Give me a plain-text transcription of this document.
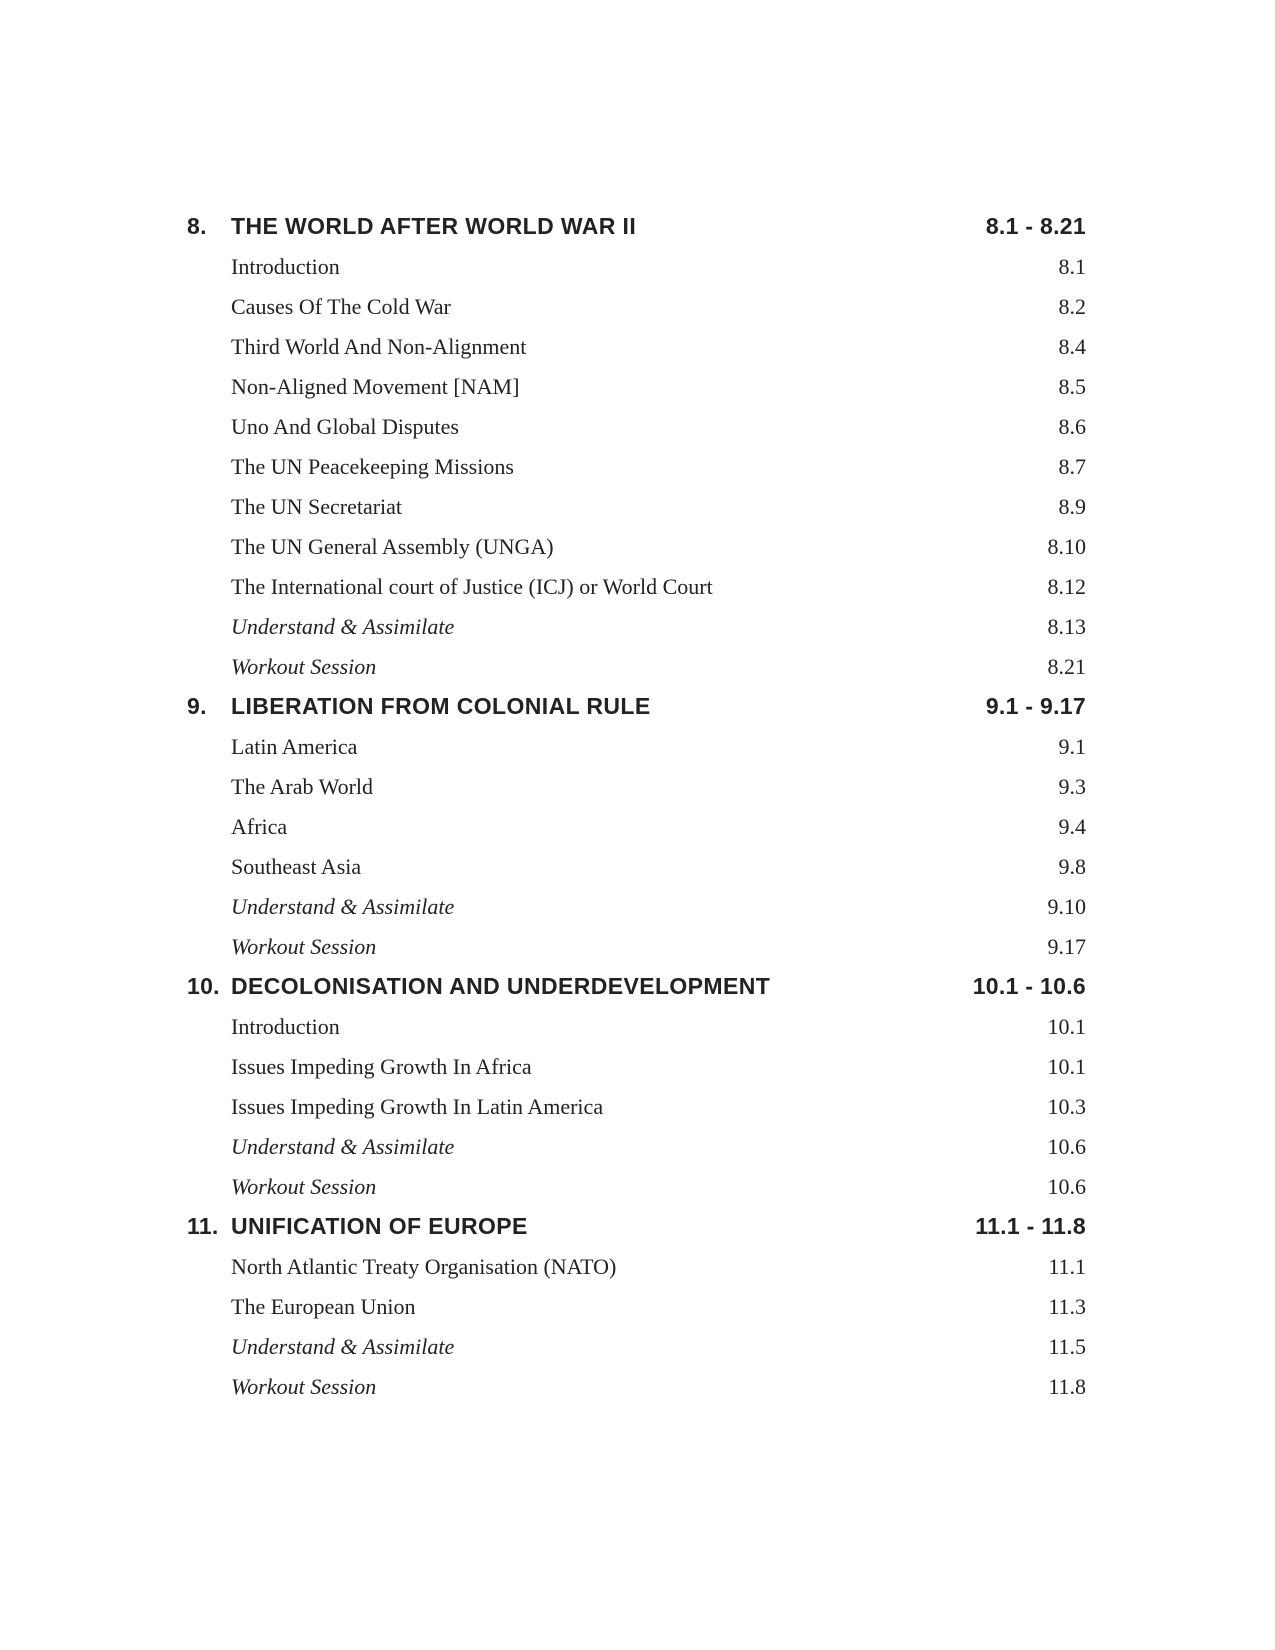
8. THE WORLD AFTER WORLD WAR II	8.1 - 8.21
Introduction	8.1
Causes Of The Cold War	8.2
Third World And Non-Alignment	8.4
Non-Aligned Movement [NAM]	8.5
Uno And Global Disputes	8.6
The UN Peacekeeping Missions	8.7
The UN Secretariat	8.9
The UN General Assembly (UNGA)	8.10
The International court of Justice (ICJ) or World Court	8.12
Understand & Assimilate	8.13
Workout Session	8.21
9. LIBERATION FROM COLONIAL RULE	9.1 - 9.17
Latin America	9.1
The Arab World	9.3
Africa	9.4
Southeast Asia	9.8
Understand & Assimilate	9.10
Workout Session	9.17
10. DECOLONISATION AND UNDERDEVELOPMENT	10.1 - 10.6
Introduction	10.1
Issues Impeding Growth In Africa	10.1
Issues Impeding Growth In Latin America	10.3
Understand & Assimilate	10.6
Workout Session	10.6
11. UNIFICATION OF EUROPE	11.1 - 11.8
North Atlantic Treaty Organisation (NATO)	11.1
The European Union	11.3
Understand & Assimilate	11.5
Workout Session	11.8
